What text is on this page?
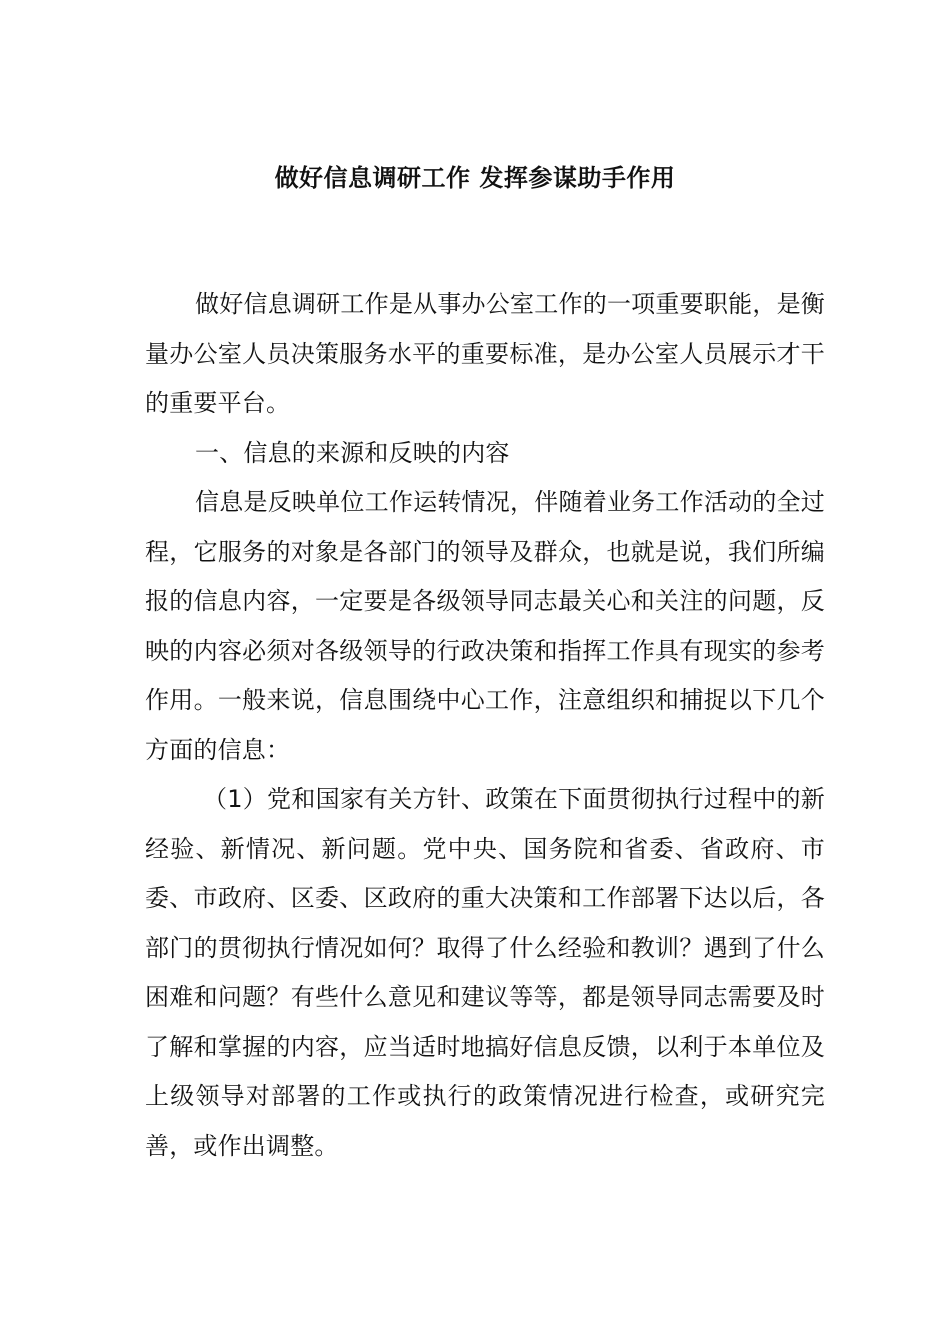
做好信息调研工作 发挥参谋助手作用

做好信息调研工作是从事办公室工作的一项重要职能，是衡量办公室人员决策服务水平的重要标准，是办公室人员展示才干的重要平台。

一、信息的来源和反映的内容

信息是反映单位工作运转情况，伴随着业务工作活动的全过程，它服务的对象是各部门的领导及群众，也就是说，我们所编报的信息内容，一定要是各级领导同志最关心和关注的问题，反映的内容必须对各级领导的行政决策和指挥工作具有现实的参考作用。一般来说，信息围绕中心工作，注意组织和捕捉以下几个方面的信息：

（1）党和国家有关方针、政策在下面贯彻执行过程中的新经验、新情况、新问题。党中央、国务院和省委、省政府、市委、市政府、区委、区政府的重大决策和工作部署下达以后，各部门的贯彻执行情况如何？取得了什么经验和教训？遇到了什么困难和问题？有些什么意见和建议等等，都是领导同志需要及时了解和掌握的内容，应当适时地搞好信息反馈，以利于本单位及上级领导对部署的工作或执行的政策情况进行检查，或研究完善，或作出调整。
